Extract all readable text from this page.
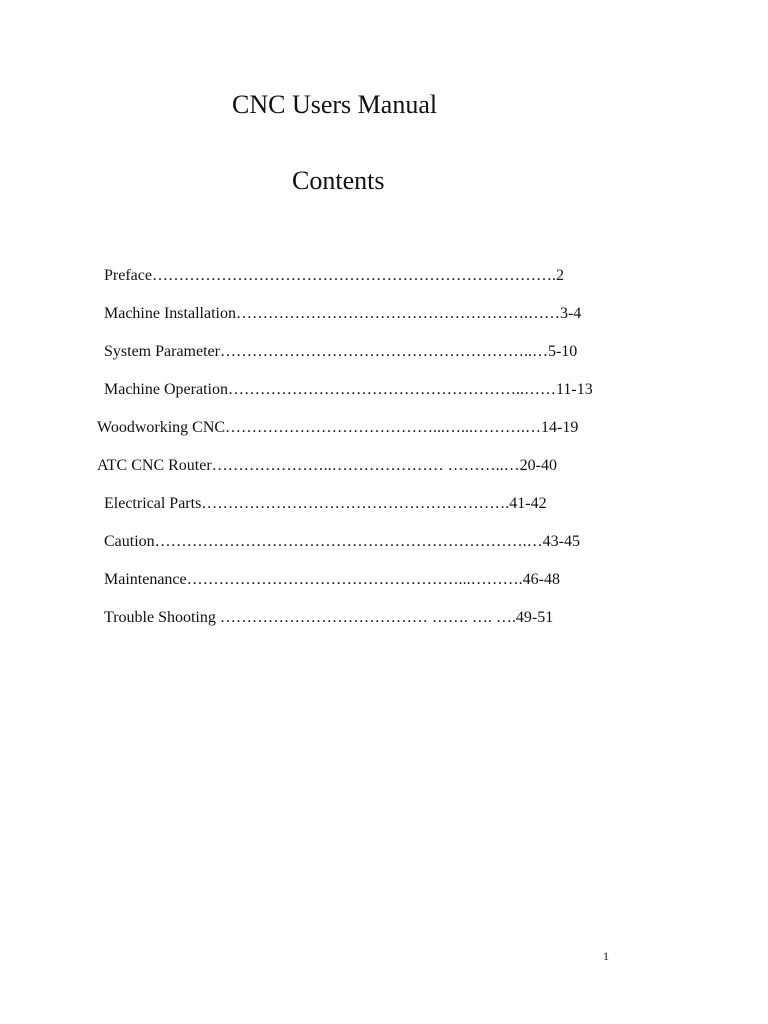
CNC Users Manual
Contents
Preface………………………………………………………………….2
Machine Installation……………………………………………….……3-4
System Parameter…………………………………………………..…5-10
Machine Operation………………………………………………..……11-13
Woodworking CNC…………………………………...…...……….…14-19
ATC CNC Router…………………..………………… ………..…20-40
Electrical Parts………………………………………………….41-42
Caution…………………………………………………………….…43-45
Maintenance……………………………………………...……….46-48
Trouble Shooting ………………………………… ……. …. ….49-51
1
